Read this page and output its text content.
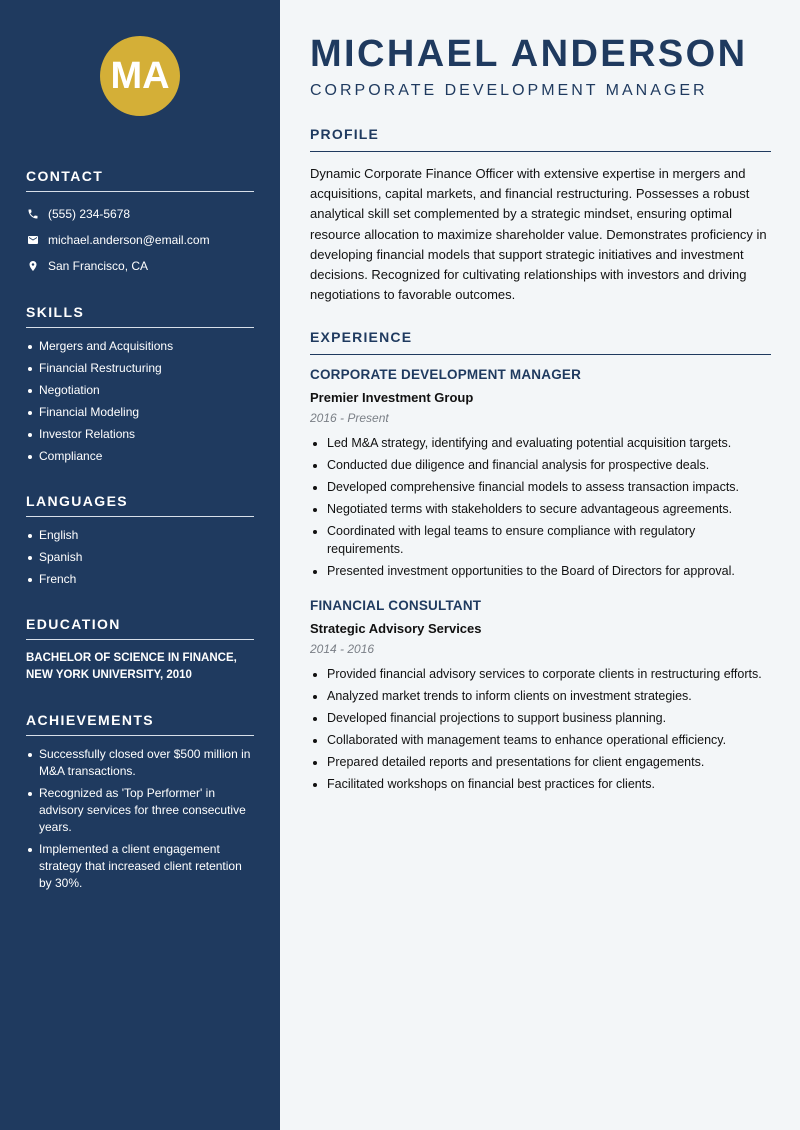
MA
CONTACT
(555) 234-5678
michael.anderson@email.com
San Francisco, CA
SKILLS
Mergers and Acquisitions
Financial Restructuring
Negotiation
Financial Modeling
Investor Relations
Compliance
LANGUAGES
English
Spanish
French
EDUCATION
BACHELOR OF SCIENCE IN FINANCE,
NEW YORK UNIVERSITY, 2010
ACHIEVEMENTS
Successfully closed over $500 million in M&A transactions.
Recognized as 'Top Performer' in advisory services for three consecutive years.
Implemented a client engagement strategy that increased client retention by 30%.
MICHAEL ANDERSON
CORPORATE DEVELOPMENT MANAGER
PROFILE

Dynamic Corporate Finance Officer with extensive expertise in mergers and acquisitions, capital markets, and financial restructuring. Possesses a robust analytical skill set complemented by a strategic mindset, ensuring optimal resource allocation to maximize shareholder value. Demonstrates proficiency in developing financial models that support strategic initiatives and investment decisions. Recognized for cultivating relationships with investors and driving negotiations to favorable outcomes.

EXPERIENCE
CORPORATE DEVELOPMENT MANAGER
Premier Investment Group
2016 - Present
Led M&A strategy, identifying and evaluating potential acquisition targets.
Conducted due diligence and financial analysis for prospective deals.
Developed comprehensive financial models to assess transaction impacts.
Negotiated terms with stakeholders to secure advantageous agreements.
Coordinated with legal teams to ensure compliance with regulatory requirements.
Presented investment opportunities to the Board of Directors for approval.
FINANCIAL CONSULTANT
Strategic Advisory Services
2014 - 2016
Provided financial advisory services to corporate clients in restructuring efforts.
Analyzed market trends to inform clients on investment strategies.
Developed financial projections to support business planning.
Collaborated with management teams to enhance operational efficiency.
Prepared detailed reports and presentations for client engagements.
Facilitated workshops on financial best practices for clients.
